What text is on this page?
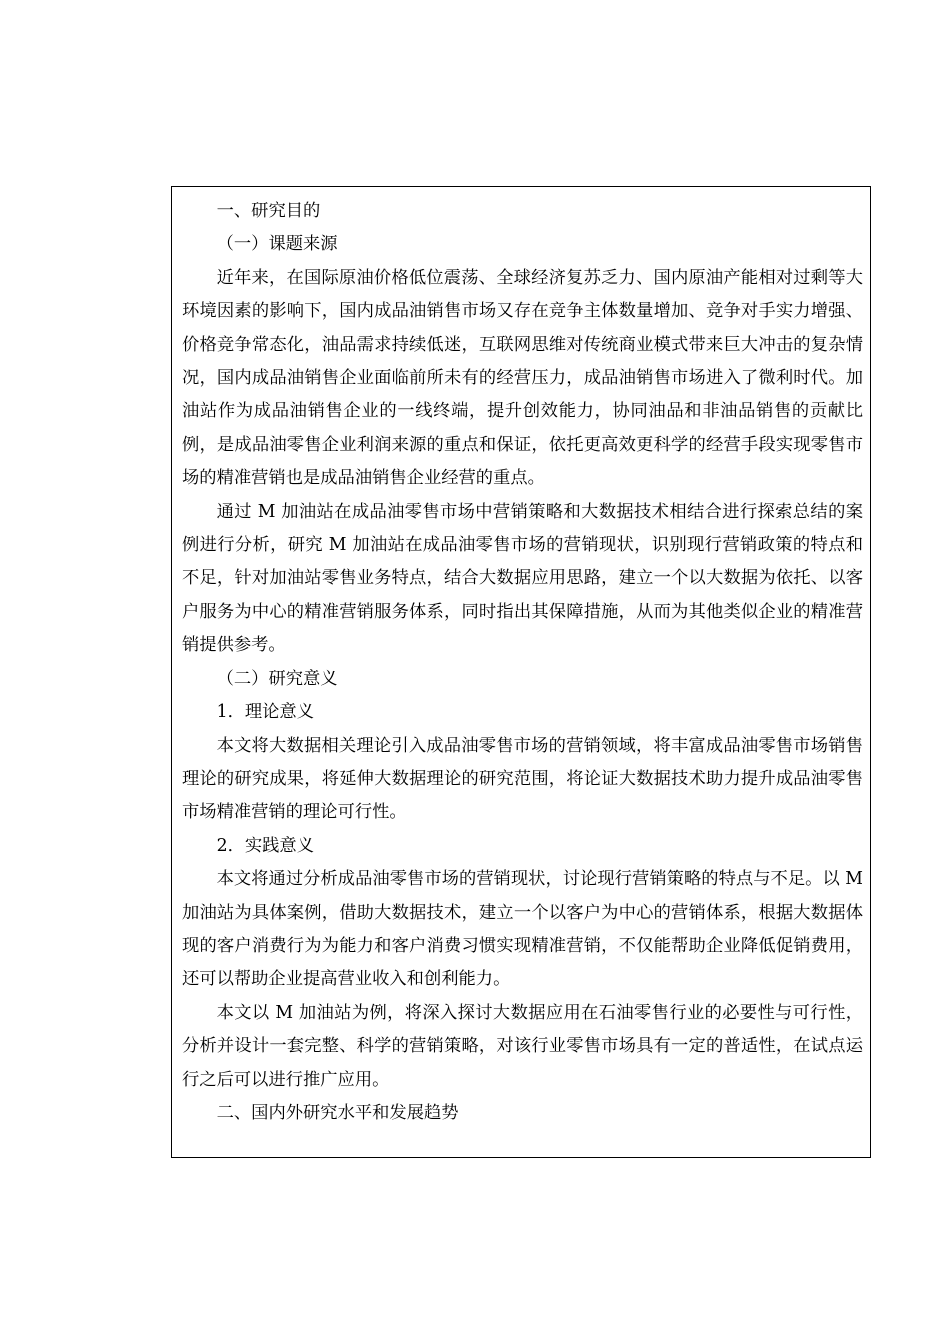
一、研究目的

（一）课题来源

近年来，在国际原油价格低位震荡、全球经济复苏乏力、国内原油产能相对过剩等大环境因素的影响下，国内成品油销售市场又存在竞争主体数量增加、竞争对手实力增强、价格竞争常态化，油品需求持续低迷，互联网思维对传统商业模式带来巨大冲击的复杂情况，国内成品油销售企业面临前所未有的经营压力，成品油销售市场进入了微利时代。加油站作为成品油销售企业的一线终端，提升创效能力，协同油品和非油品销售的贡献比例，是成品油零售企业利润来源的重点和保证，依托更高效更科学的经营手段实现零售市场的精准营销也是成品油销售企业经营的重点。

通过 M 加油站在成品油零售市场中营销策略和大数据技术相结合进行探索总结的案例进行分析，研究 M 加油站在成品油零售市场的营销现状，识别现行营销政策的特点和不足，针对加油站零售业务特点，结合大数据应用思路，建立一个以大数据为依托、以客户服务为中心的精准营销服务体系，同时指出其保障措施，从而为其他类似企业的精准营销提供参考。

（二）研究意义

1．理论意义

本文将大数据相关理论引入成品油零售市场的营销领域，将丰富成品油零售市场销售理论的研究成果，将延伸大数据理论的研究范围，将论证大数据技术助力提升成品油零售市场精准营销的理论可行性。

2．实践意义

本文将通过分析成品油零售市场的营销现状，讨论现行营销策略的特点与不足。以 M 加油站为具体案例，借助大数据技术，建立一个以客户为中心的营销体系，根据大数据体现的客户消费行为为能力和客户消费习惯实现精准营销，不仅能帮助企业降低促销费用，还可以帮助企业提高营业收入和创利能力。

本文以 M 加油站为例，将深入探讨大数据应用在石油零售行业的必要性与可行性，分析并设计一套完整、科学的营销策略，对该行业零售市场具有一定的普适性，在试点运行之后可以进行推广应用。

二、国内外研究水平和发展趋势
